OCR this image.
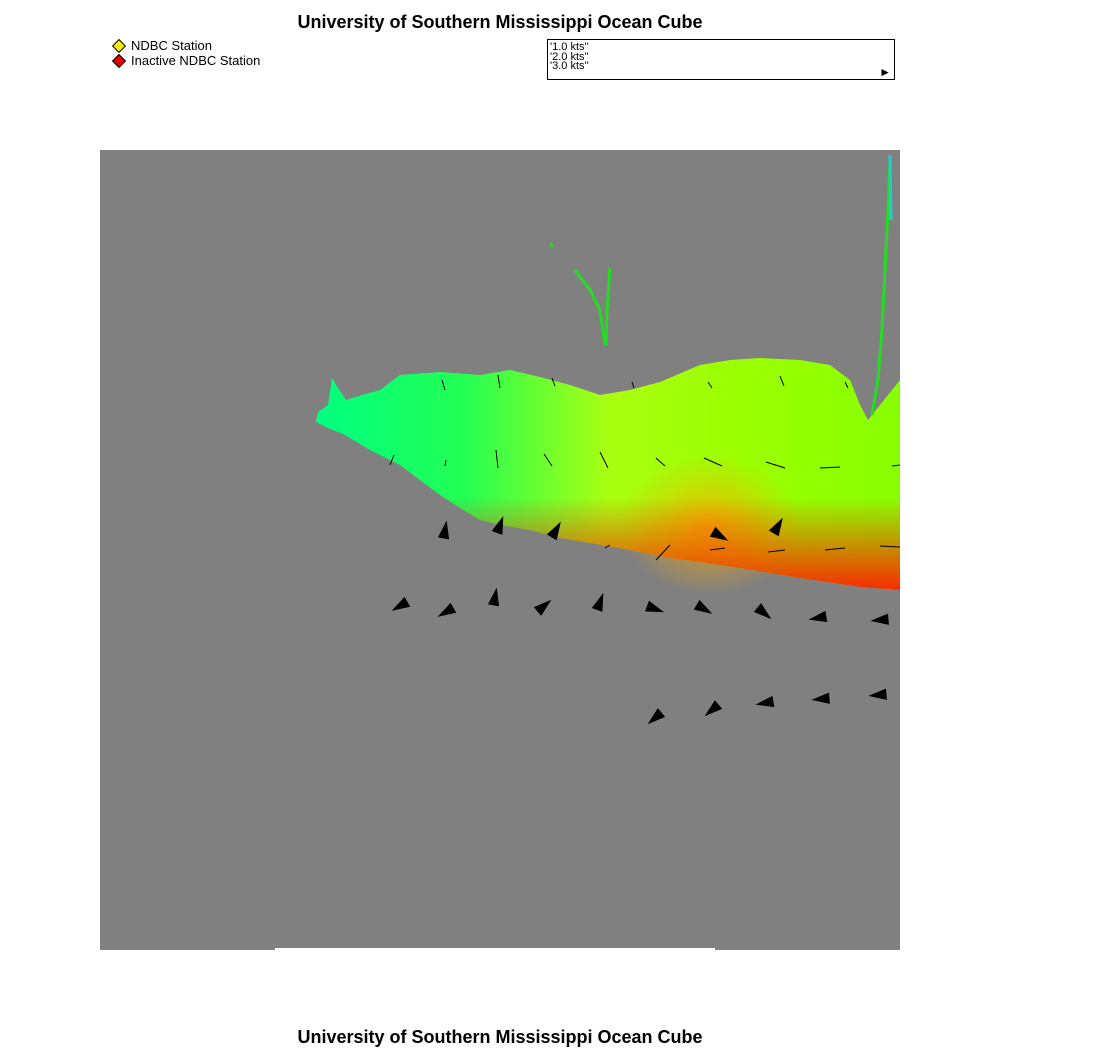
University of Southern Mississippi Ocean Cube
NDBC Station
Inactive NDBC Station
'1.0 kts''
'2.0 kts''
'3.0 kts''	►
University of Southern Mississippi Ocean Cube
